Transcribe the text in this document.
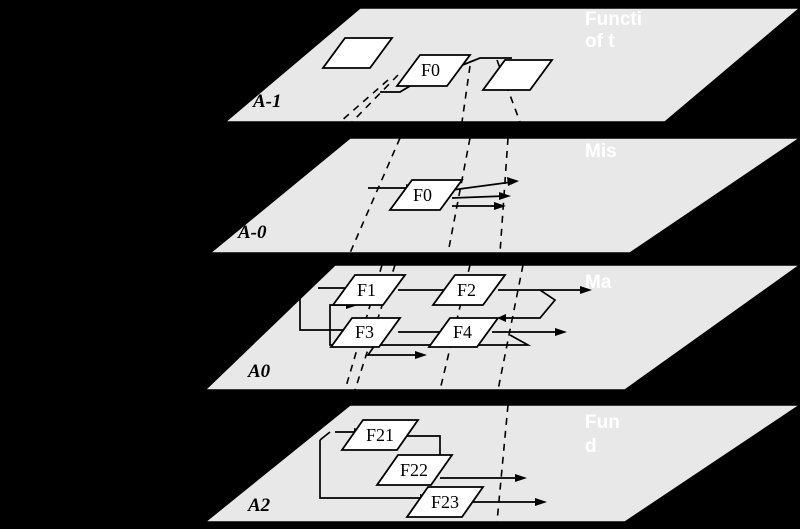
F0
A-1
Functi
of t
F0
A-0
Mis
F1	F2
F3	F4
A0
Ma
F21
F22
F23
A2
Fun
d
